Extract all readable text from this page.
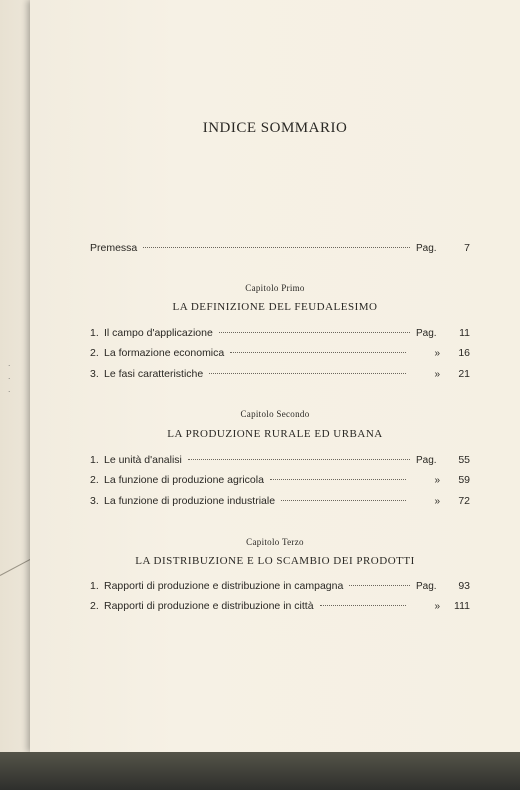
·
·
·
INDICE SOMMARIO
Premessa	Pag.	7
Capitolo Primo
LA DEFINIZIONE DEL FEUDALESIMO
1. Il campo d'applicazione	Pag.	11
2. La formazione economica	»	16
3. Le fasi caratteristiche	»	21
Capitolo Secondo
LA PRODUZIONE RURALE ED URBANA
1. Le unità d'analisi	Pag.	55
2. La funzione di produzione agricola	»	59
3. La funzione di produzione industriale	»	72
Capitolo Terzo
LA DISTRIBUZIONE E LO SCAMBIO DEI PRODOTTI
1. Rapporti di produzione e distribuzione in campagna	Pag.	93
2. Rapporti di produzione e distribuzione in città	»	111
